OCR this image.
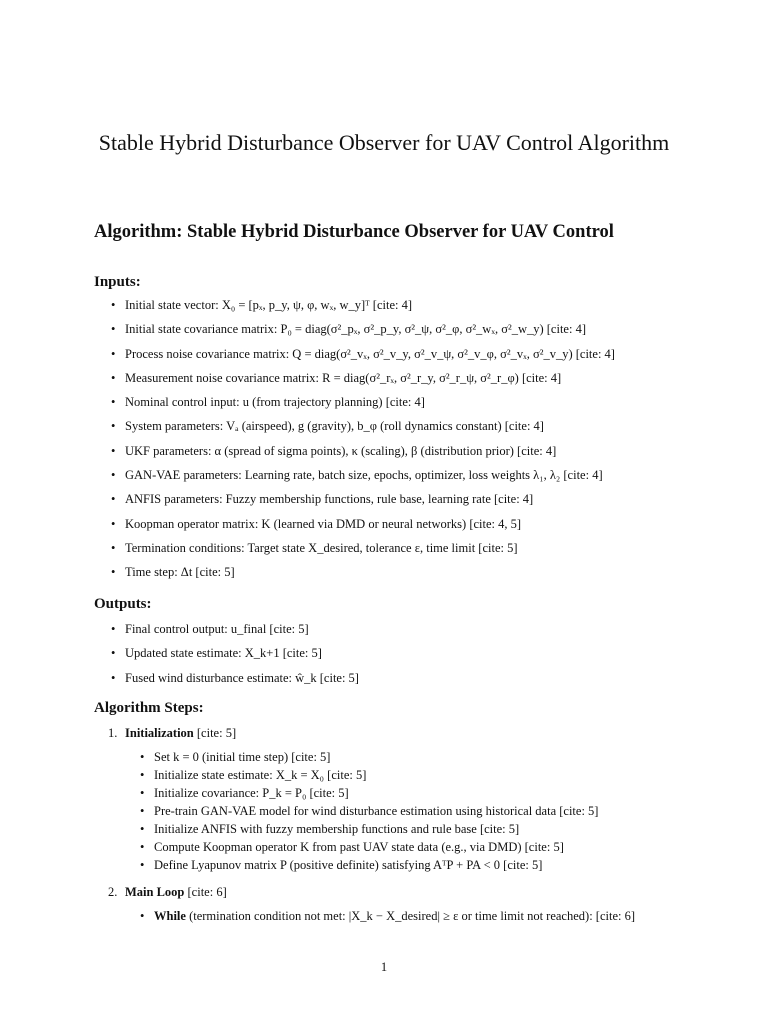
Stable Hybrid Disturbance Observer for UAV Control Algorithm
Algorithm: Stable Hybrid Disturbance Observer for UAV Control
Inputs:
• Initial state vector: X₀ = [pₓ, p_y, ψ, φ, wₓ, w_y]ᵀ [cite: 4]
• Initial state covariance matrix: P₀ = diag(σ²_pₓ, σ²_p_y, σ²_ψ, σ²_φ, σ²_wₓ, σ²_w_y) [cite: 4]
• Process noise covariance matrix: Q = diag(σ²_vₓ, σ²_v_y, σ²_v_ψ, σ²_v_φ, σ²_vₓ, σ²_v_y) [cite: 4]
• Measurement noise covariance matrix: R = diag(σ²_rₓ, σ²_r_y, σ²_r_ψ, σ²_r_φ) [cite: 4]
• Nominal control input: u (from trajectory planning) [cite: 4]
• System parameters: Vₐ (airspeed), g (gravity), b_φ (roll dynamics constant) [cite: 4]
• UKF parameters: α (spread of sigma points), κ (scaling), β (distribution prior) [cite: 4]
• GAN-VAE parameters: Learning rate, batch size, epochs, optimizer, loss weights λ₁, λ₂ [cite: 4]
• ANFIS parameters: Fuzzy membership functions, rule base, learning rate [cite: 4]
• Koopman operator matrix: K (learned via DMD or neural networks) [cite: 4, 5]
• Termination conditions: Target state X_desired, tolerance ε, time limit [cite: 5]
• Time step: Δt [cite: 5]
Outputs:
• Final control output: u_final [cite: 5]
• Updated state estimate: X_k+1 [cite: 5]
• Fused wind disturbance estimate: ŵ_k [cite: 5]
Algorithm Steps:
1. Initialization [cite: 5]
• Set k = 0 (initial time step) [cite: 5]
• Initialize state estimate: X_k = X₀ [cite: 5]
• Initialize covariance: P_k = P₀ [cite: 5]
• Pre-train GAN-VAE model for wind disturbance estimation using historical data [cite: 5]
• Initialize ANFIS with fuzzy membership functions and rule base [cite: 5]
• Compute Koopman operator K from past UAV state data (e.g., via DMD) [cite: 5]
• Define Lyapunov matrix P (positive definite) satisfying AᵀP + PA < 0 [cite: 5]
2. Main Loop [cite: 6]
• While (termination condition not met: |X_k − X_desired| ≥ ε or time limit not reached): [cite: 6]
1
